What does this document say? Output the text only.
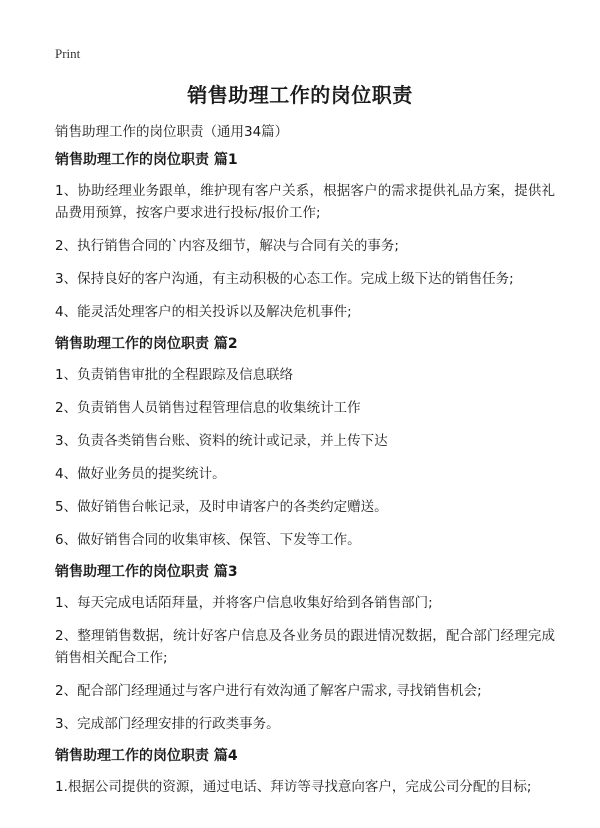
Print
销售助理工作的岗位职责
销售助理工作的岗位职责（通用34篇）
销售助理工作的岗位职责 篇1

1、协助经理业务跟单，维护现有客户关系，根据客户的需求提供礼品方案，提供礼品费用预算，按客户要求进行投标/报价工作;

2、执行销售合同的`内容及细节，解决与合同有关的事务;

3、保持良好的客户沟通，有主动积极的心态工作。完成上级下达的销售任务;

4、能灵活处理客户的相关投诉以及解决危机事件;

销售助理工作的岗位职责 篇2

1、负责销售审批的全程跟踪及信息联络

2、负责销售人员销售过程管理信息的收集统计工作

3、负责各类销售台账、资料的统计或记录，并上传下达

4、做好业务员的提奖统计。

5、做好销售台帐记录，及时申请客户的各类约定赠送。

6、做好销售合同的收集审核、保管、下发等工作。

销售助理工作的岗位职责 篇3

1、每天完成电话陌拜量，并将客户信息收集好给到各销售部门;

2、整理销售数据，统计好客户信息及各业务员的跟进情况数据，配合部门经理完成销售相关配合工作;

2、配合部门经理通过与客户进行有效沟通了解客户需求, 寻找销售机会;

3、完成部门经理安排的行政类事务。

销售助理工作的岗位职责 篇4

1.根据公司提供的资源，通过电话、拜访等寻找意向客户，完成公司分配的目标;
